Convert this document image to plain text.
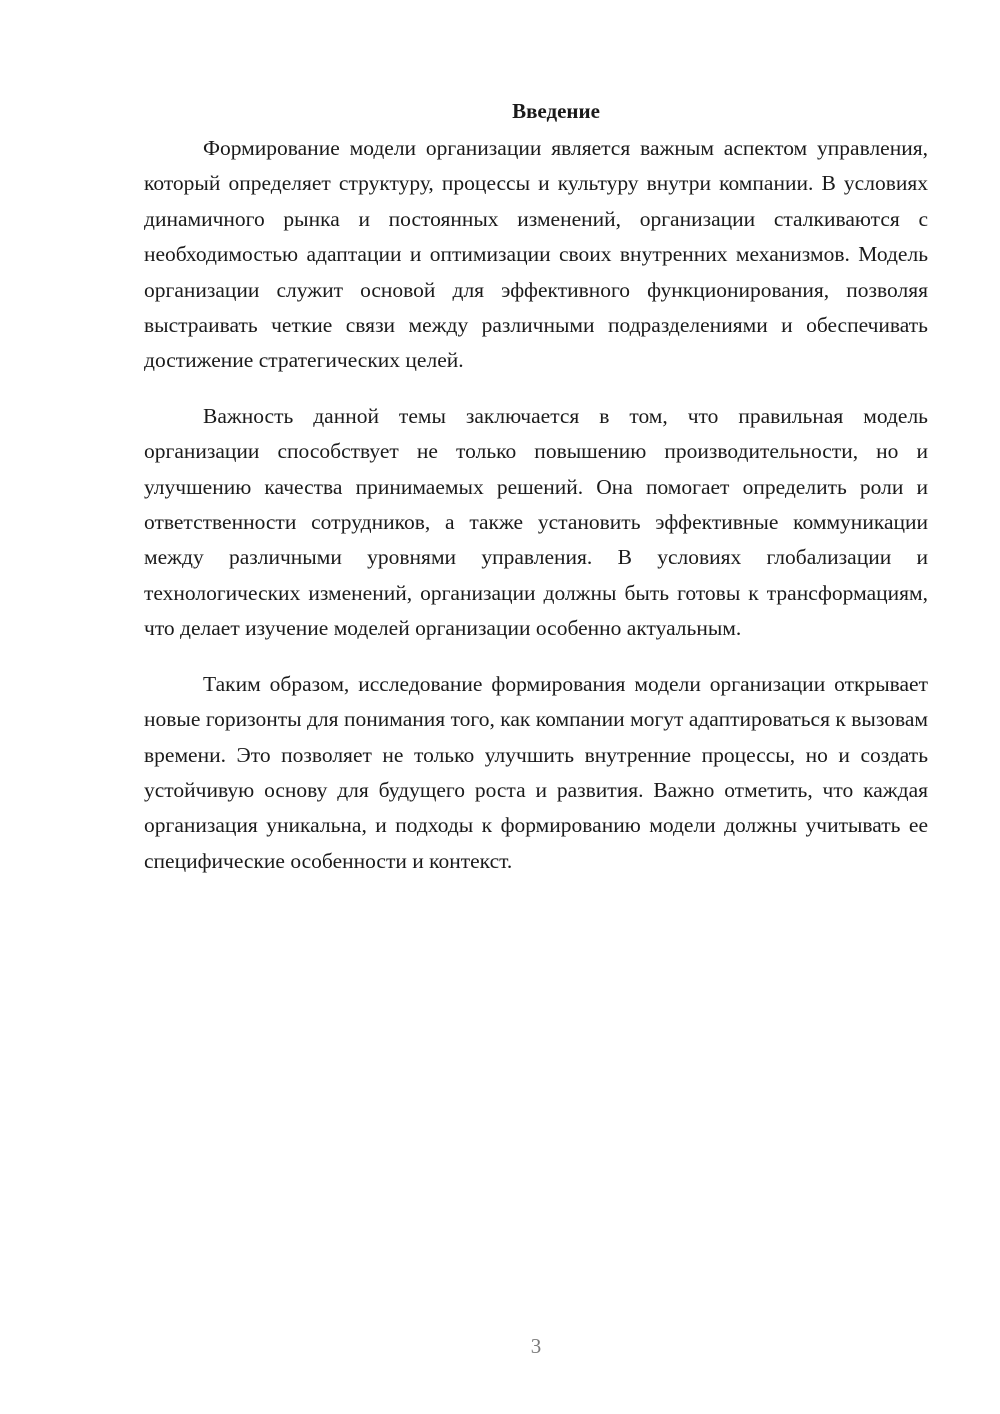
Введение

Формирование модели организации является важным аспектом управления, который определяет структуру, процессы и культуру внутри компании. В условиях динамичного рынка и постоянных изменений, организации сталкиваются с необходимостью адаптации и оптимизации своих внутренних механизмов. Модель организации служит основой для эффективного функционирования, позволяя выстраивать четкие связи между различными подразделениями и обеспечивать достижение стратегических целей.

Важность данной темы заключается в том, что правильная модель организации способствует не только повышению производительности, но и улучшению качества принимаемых решений. Она помогает определить роли и ответственности сотрудников, а также установить эффективные коммуникации между различными уровнями управления. В условиях глобализации и технологических изменений, организации должны быть готовы к трансформациям, что делает изучение моделей организации особенно актуальным.

Таким образом, исследование формирования модели организации открывает новые горизонты для понимания того, как компании могут адаптироваться к вызовам времени. Это позволяет не только улучшить внутренние процессы, но и создать устойчивую основу для будущего роста и развития. Важно отметить, что каждая организация уникальна, и подходы к формированию модели должны учитывать ее специфические особенности и контекст.

3
